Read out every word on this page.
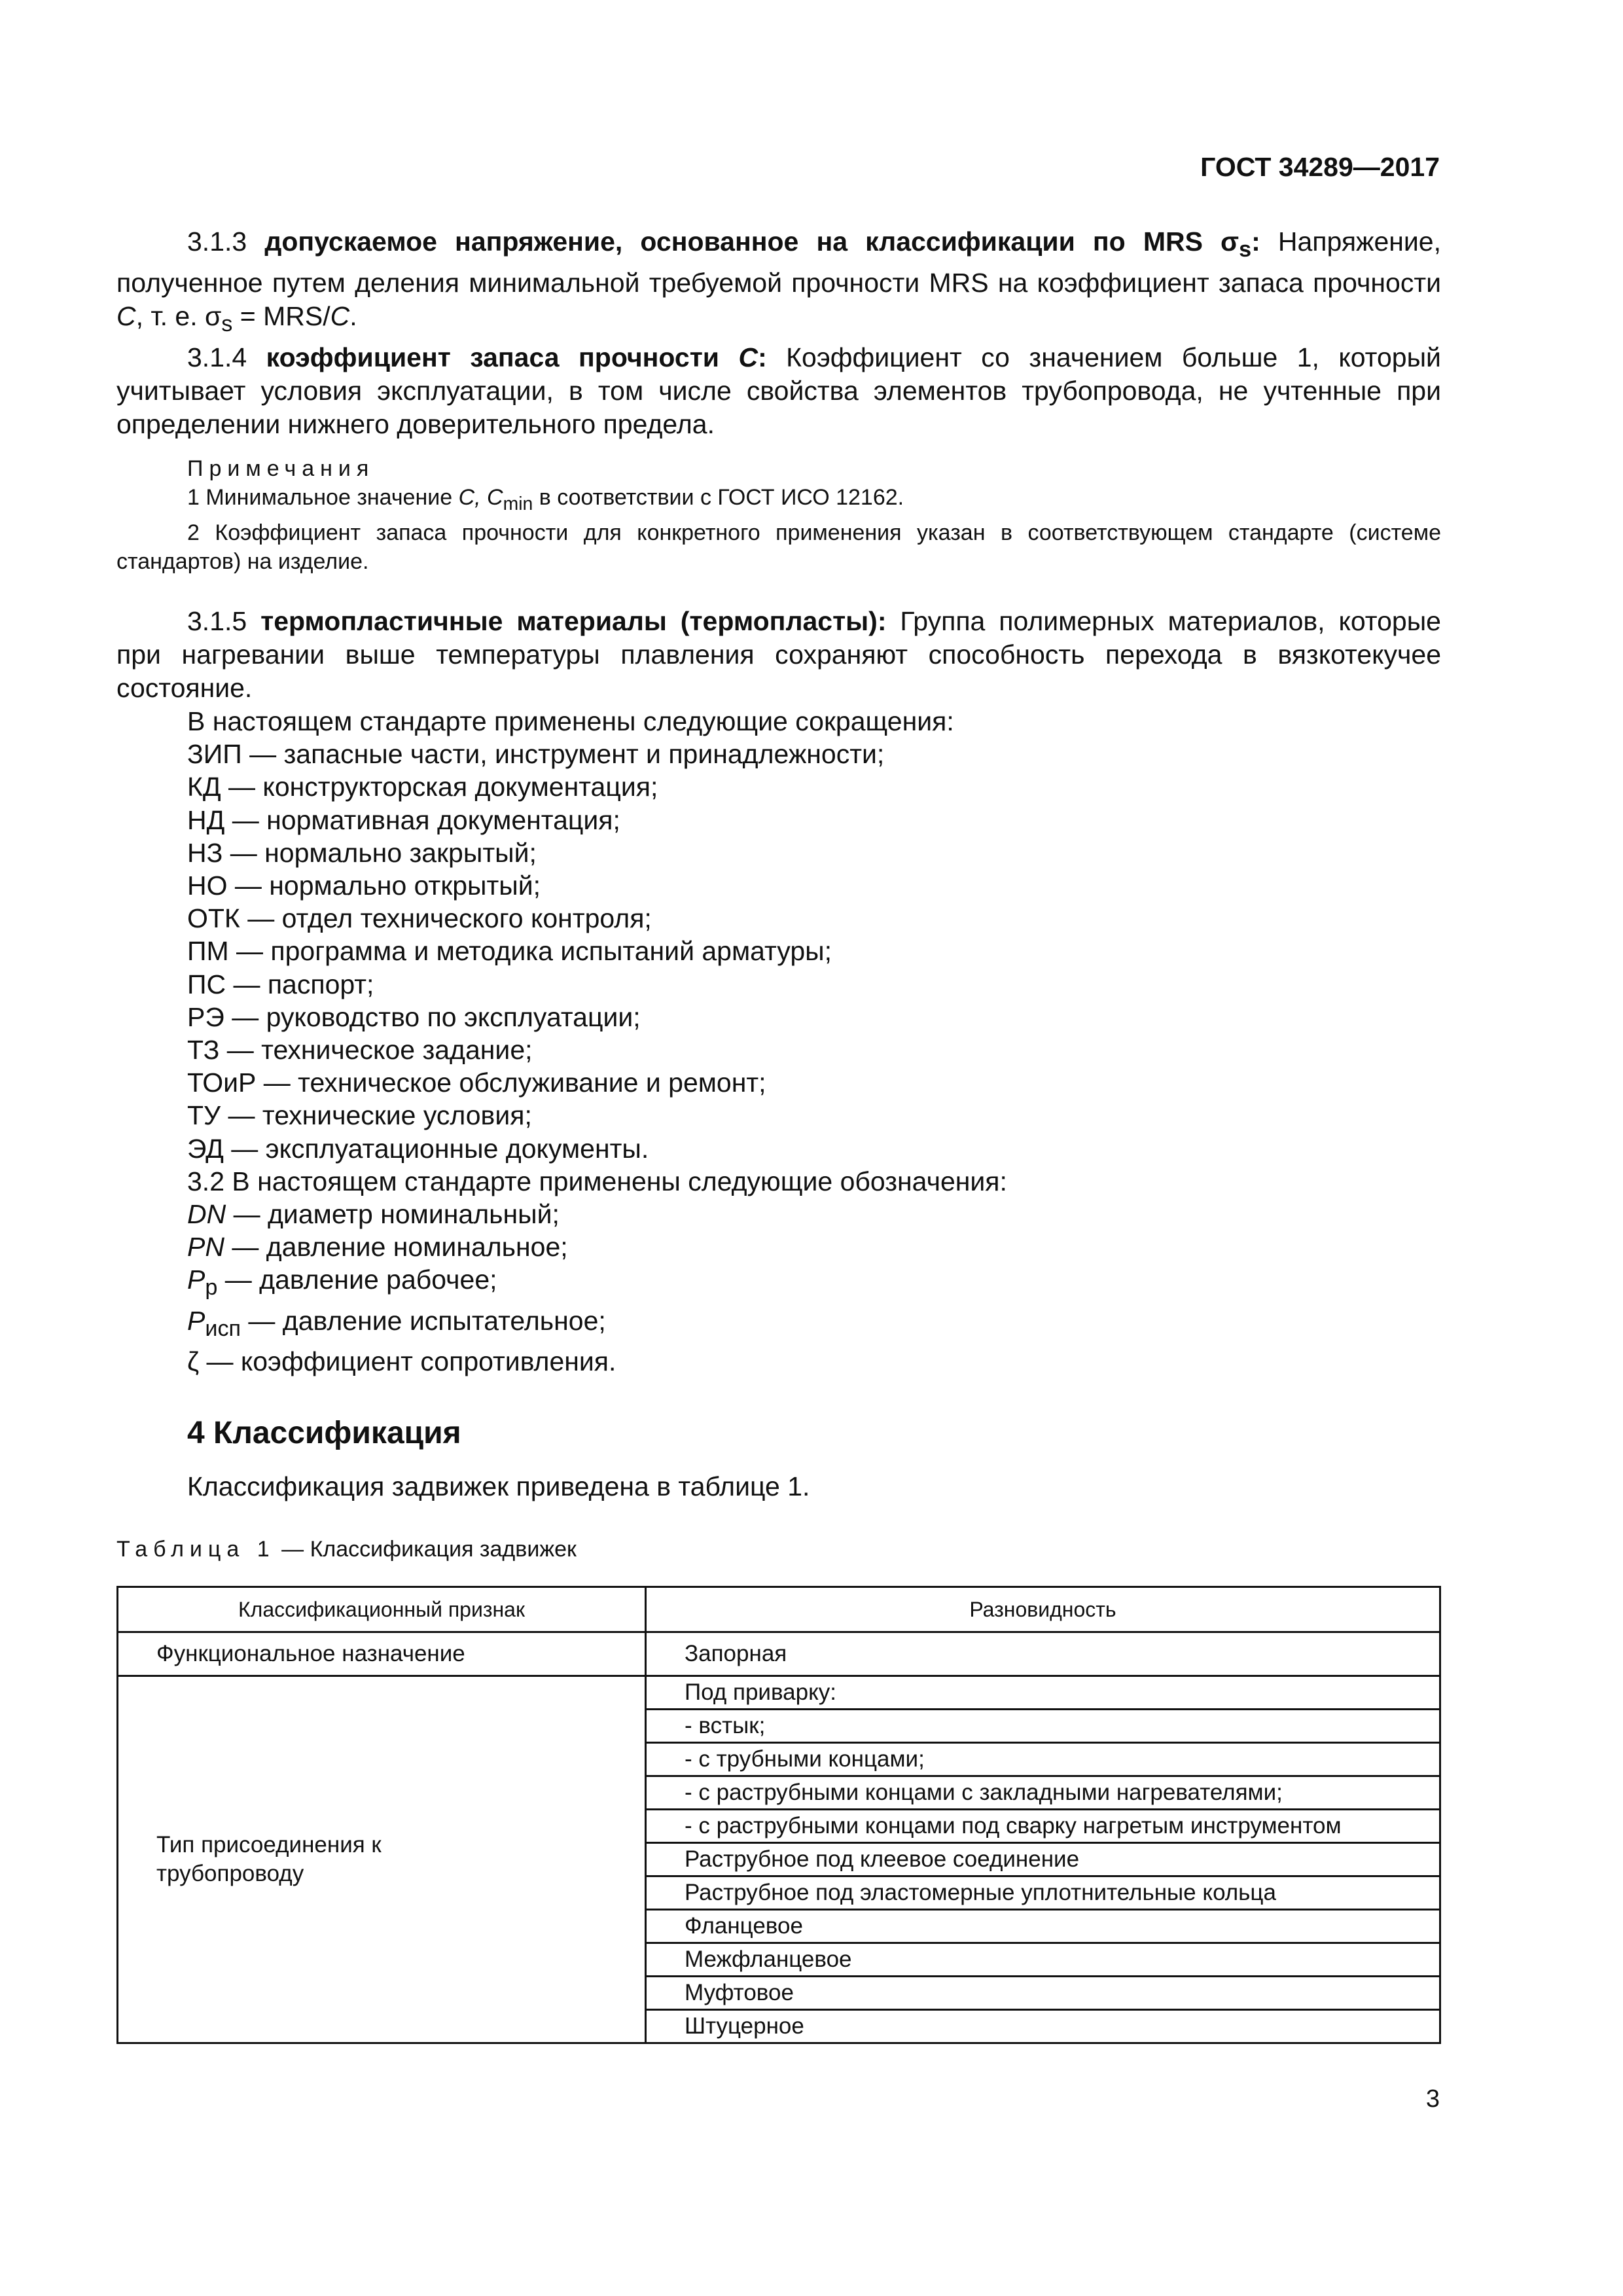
ГОСТ 34289—2017

3.1.3 допускаемое напряжение, основанное на классификации по MRS $\sigma_s$: Напряжение, полученное путем деления минимальной требуемой прочности MRS на коэффициент запаса прочности C, т. е. $\sigma_s = MRS/C$.

3.1.4 коэффициент запаса прочности C: Коэффициент со значением больше 1, который учитывает условия эксплуатации, в том числе свойства элементов трубопровода, не учтенные при определении нижнего доверительного предела.

Примечания

1 Минимальное значение C, $C_{min}$ в соответствии с ГОСТ ИСО 12162.

2 Коэффициент запаса прочности для конкретного применения указан в соответствующем стандарте (системе стандартов) на изделие.

3.1.5 термопластичные материалы (термопласты): Группа полимерных материалов, которые при нагревании выше температуры плавления сохраняют способность перехода в вязкотекучее состояние.

В настоящем стандарте применены следующие сокращения:
ЗИП — запасные части, инструмент и принадлежности;
КД — конструкторская документация;
НД — нормативная документация;
НЗ — нормально закрытый;
НО — нормально открытый;
ОТК — отдел технического контроля;
ПМ — программа и методика испытаний арматуры;
ПС — паспорт;
РЭ — руководство по эксплуатации;
ТЗ — техническое задание;
ТОиР — техническое обслуживание и ремонт;
ТУ — технические условия;
ЭД — эксплуатационные документы.
3.2 В настоящем стандарте применены следующие обозначения:
DN — диаметр номинальный;
PN — давление номинальное;
$P_р$ — давление рабочее;
$P_{исп}$ — давление испытательное;
ζ — коэффициент сопротивления.
4 Классификация
Классификация задвижек приведена в таблице 1.
Таблица 1 — Классификация задвижек
Классификационный признак	Разновидность
Функциональное назначение	Запорная
Тип присоединения к трубопроводу	Под приварку:
	- встык;
	- с трубными концами;
	- с раструбными концами с закладными нагревателями;
	- с раструбными концами под сварку нагретым инструментом
	Раструбное под клеевое соединение
	Раструбное под эластомерные уплотнительные кольца
	Фланцевое
	Межфланцевое
	Муфтовое
	Штуцерное
3
